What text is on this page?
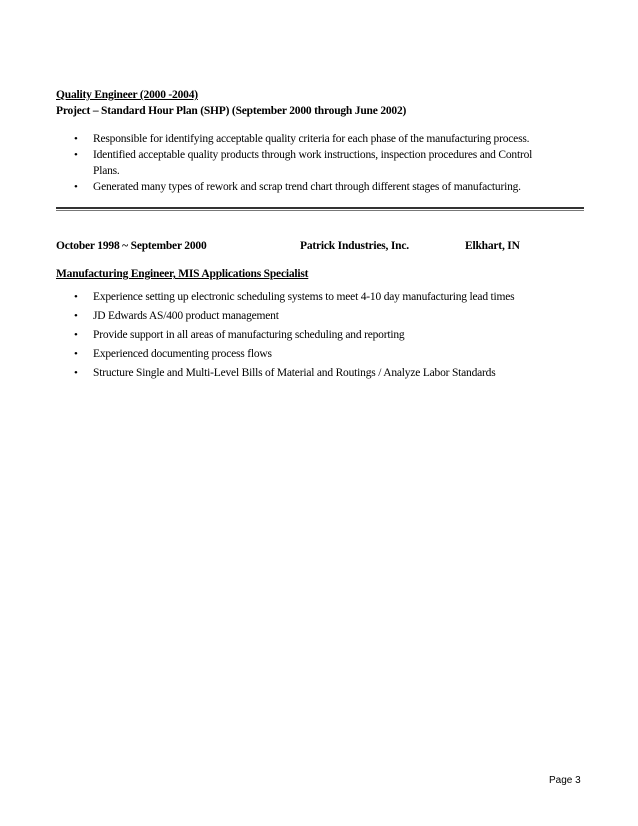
Quality Engineer (2000 -2004)
Project – Standard Hour Plan (SHP) (September 2000 through June 2002)
•	Responsible for identifying acceptable quality criteria for each phase of the manufacturing process.
•	Identified acceptable quality products through work instructions, inspection procedures and Control
Plans.
•	Generated many types of rework and scrap trend chart through different stages of manufacturing.
October 1998 ~ September 2000	Patrick Industries, Inc.	Elkhart, IN
Manufacturing Engineer, MIS Applications Specialist
•	Experience setting up electronic scheduling systems to meet 4-10 day manufacturing lead times
•	JD Edwards AS/400 product management
•	Provide support in all areas of manufacturing scheduling and reporting
•	Experienced documenting process flows
•	Structure Single and Multi-Level Bills of Material and Routings / Analyze Labor Standards
Page 3
